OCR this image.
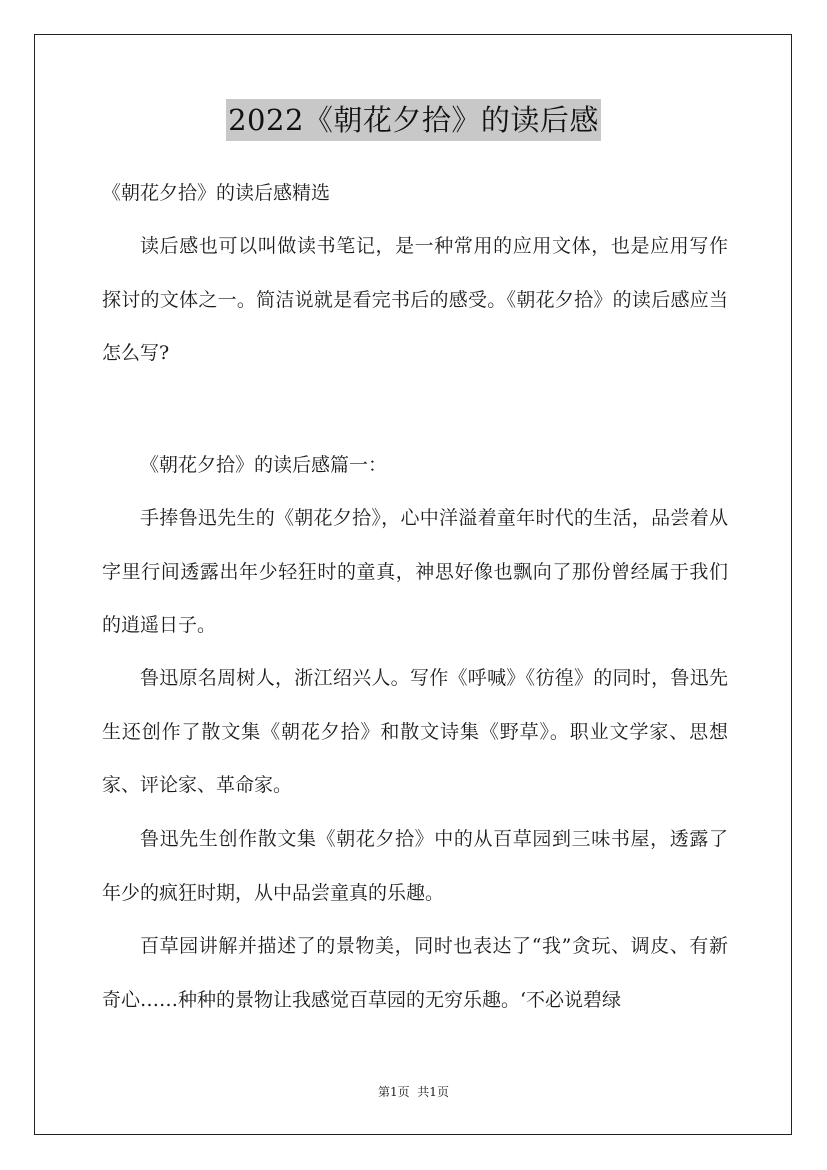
2022《朝花夕拾》的读后感
《朝花夕拾》的读后感精选

读后感也可以叫做读书笔记，是一种常用的应用文体，也是应用写作探讨的文体之一。简洁说就是看完书后的感受。《朝花夕拾》的读后感应当怎么写?

《朝花夕拾》的读后感篇一：

手捧鲁迅先生的《朝花夕拾》，心中洋溢着童年时代的生活，品尝着从字里行间透露出年少轻狂时的童真，神思好像也飘向了那份曾经属于我们的逍遥日子。

鲁迅原名周树人，浙江绍兴人。写作《呼喊》《彷徨》的同时，鲁迅先生还创作了散文集《朝花夕拾》和散文诗集《野草》。职业文学家、思想家、评论家、革命家。

鲁迅先生创作散文集《朝花夕拾》中的从百草园到三味书屋，透露了年少的疯狂时期，从中品尝童真的乐趣。

百草园讲解并描述了的景物美，同时也表达了“我”贪玩、调皮、有新奇心……种种的景物让我感觉百草园的无穷乐趣。‘不必说碧绿

第1页  共1页
